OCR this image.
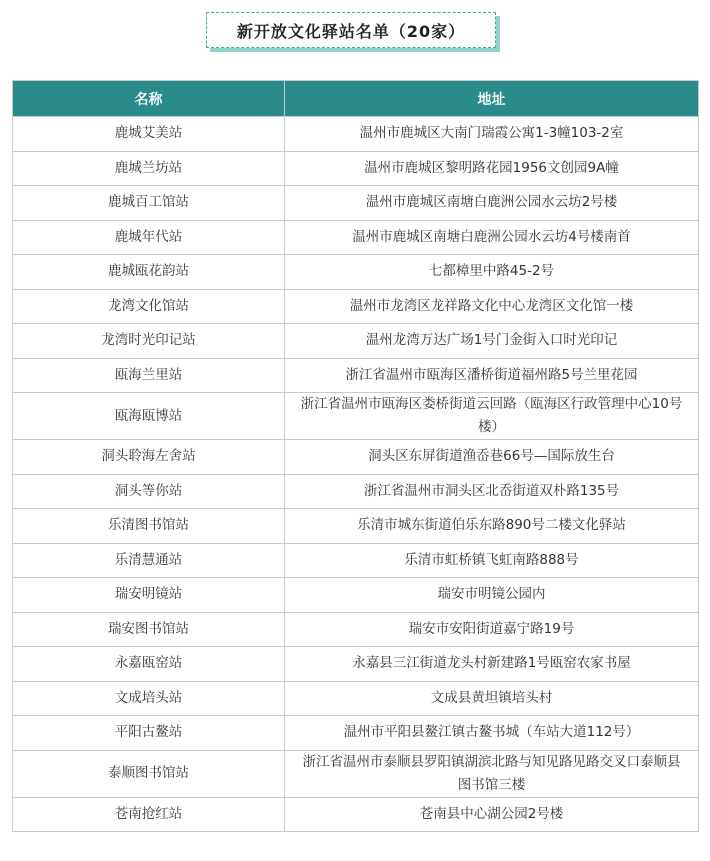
新开放文化驿站名单（20家）
名称	地址
鹿城艾美站	温州市鹿城区大南门瑞霞公寓1-3幢103-2室
鹿城兰坊站	温州市鹿城区黎明路花园1956文创园9A幢
鹿城百工馆站	温州市鹿城区南塘白鹿洲公园水云坊2号楼
鹿城年代站	温州市鹿城区南塘白鹿洲公园水云坊4号楼南首
鹿城瓯花韵站	七都樟里中路45-2号
龙湾文化馆站	温州市龙湾区龙祥路文化中心龙湾区文化馆一楼
龙湾时光印记站	温州龙湾万达广场1号门金街入口时光印记
瓯海兰里站	浙江省温州市瓯海区潘桥街道福州路5号兰里花园
瓯海瓯博站	浙江省温州市瓯海区娄桥街道云回路（瓯海区行政管理中心10号楼）
洞头聆海左舍站	洞头区东屏街道渔岙巷66号—国际放生台
洞头等你站	浙江省温州市洞头区北岙街道双朴路135号
乐清图书馆站	乐清市城东街道伯乐东路890号二楼文化驿站
乐清慧通站	乐清市虹桥镇飞虹南路888号
瑞安明镜站	瑞安市明镜公园内
瑞安图书馆站	瑞安市安阳街道嘉宁路19号
永嘉瓯窑站	永嘉县三江街道龙头村新建路1号瓯窑农家书屋
文成培头站	文成县黄坦镇培头村
平阳古鳌站	温州市平阳县鳌江镇古鳌书城（车站大道112号）
泰顺图书馆站	浙江省温州市泰顺县罗阳镇湖滨北路与知见路见路交叉口泰顺县图书馆三楼
苍南抢红站	苍南县中心湖公园2号楼
